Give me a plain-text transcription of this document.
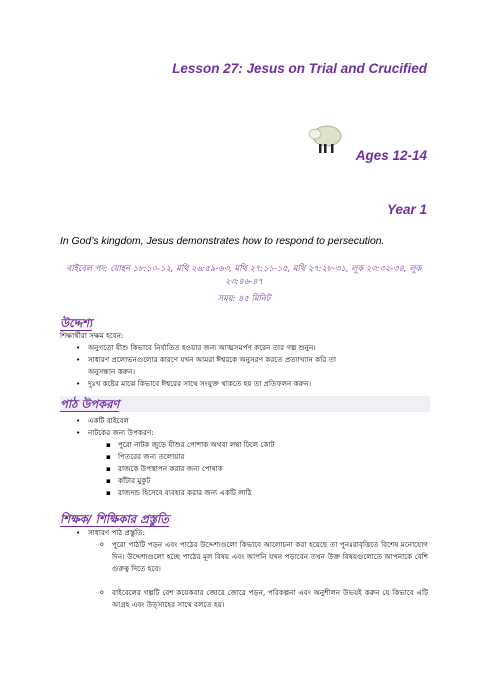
Lesson 27: Jesus on Trial and Crucified
Ages 12-14
Year 1
In God’s kingdom, Jesus demonstrates how to respond to persecution.
বাইবেল পদ: যোহন ১৮:১০-১২, মথি ২৬:৫৯-৬৩, মথি ২৭:১১-১৫, মথি ২৭:২৮-৩১, লূক ২৩:৩২-৩৪, লূক ২৩:৪৬-৪৭
সময়: ৪৫ মিনিট
উদ্দেশ্য
শিক্ষার্থীরা সক্ষম হবেন:
• অনুগতো যীশু কিভাবে নির্যাতিত হওয়ার জন্য আত্মসমর্পণ করেন তার গল্প শুনুন।
• সাধারণ প্রলোভনগুলোর কারণে যখন আমরা ঈশ্বরকে অনুসরণ করতে প্রত্যাখ্যান করি তা
অনুসন্ধান করুন।
• দুঃখ কষ্টের মাঝে কিভাবে ঈশ্বরের সাথে সংযুক্ত থাকতে হয় তা প্রতিফলন করুন।
পাঠ উপকরণ
• একটি বাইবেল
• নাটকের জন্য উপকরণ:
▪ পুরো নাটক জুড়ে যীশুর পোশাক অথবা লম্বা ঢিলে কোট
▪ পিতরের জন্য তলোয়ার
▪ রাজকে উপস্থাপন করার জন্য পোষাক
▪ কাঁটার মুকুট
▪ রাজদন্ড হিসেবে ব্যবহার করার জন্য একটি লাঠি
শিক্ষক/ শিক্ষিকার প্রস্তুতি
• সাধারণ পাঠ প্রস্তুতি:
o পুরো পাঠটি পড়ন এবং পাঠের উদ্দেশ্যগুলো কিভাবে আলোচনা করা হয়েছে তা পুনঃরাবৃত্তিতে বিশেষ মনোযোগ দিন। উদ্দেশ্যগুলো হচ্ছে পাঠের মূল বিষয় এবং আপনি যখন পড়াবেন তখন উক্ত বিষয়গুলোতে আপনাকে বেশি গুরুত্ব দিতে হবে।
o বাইবেলের গল্পটি বেশ কয়েকবার জোরে জোরে পড়ন, পরিকল্পনা এবং অনুশীলন উভয়ই করুন যে কিভাবে এটি আগ্রহ এবং উত্সাহের সাথে বলতে হয়।
